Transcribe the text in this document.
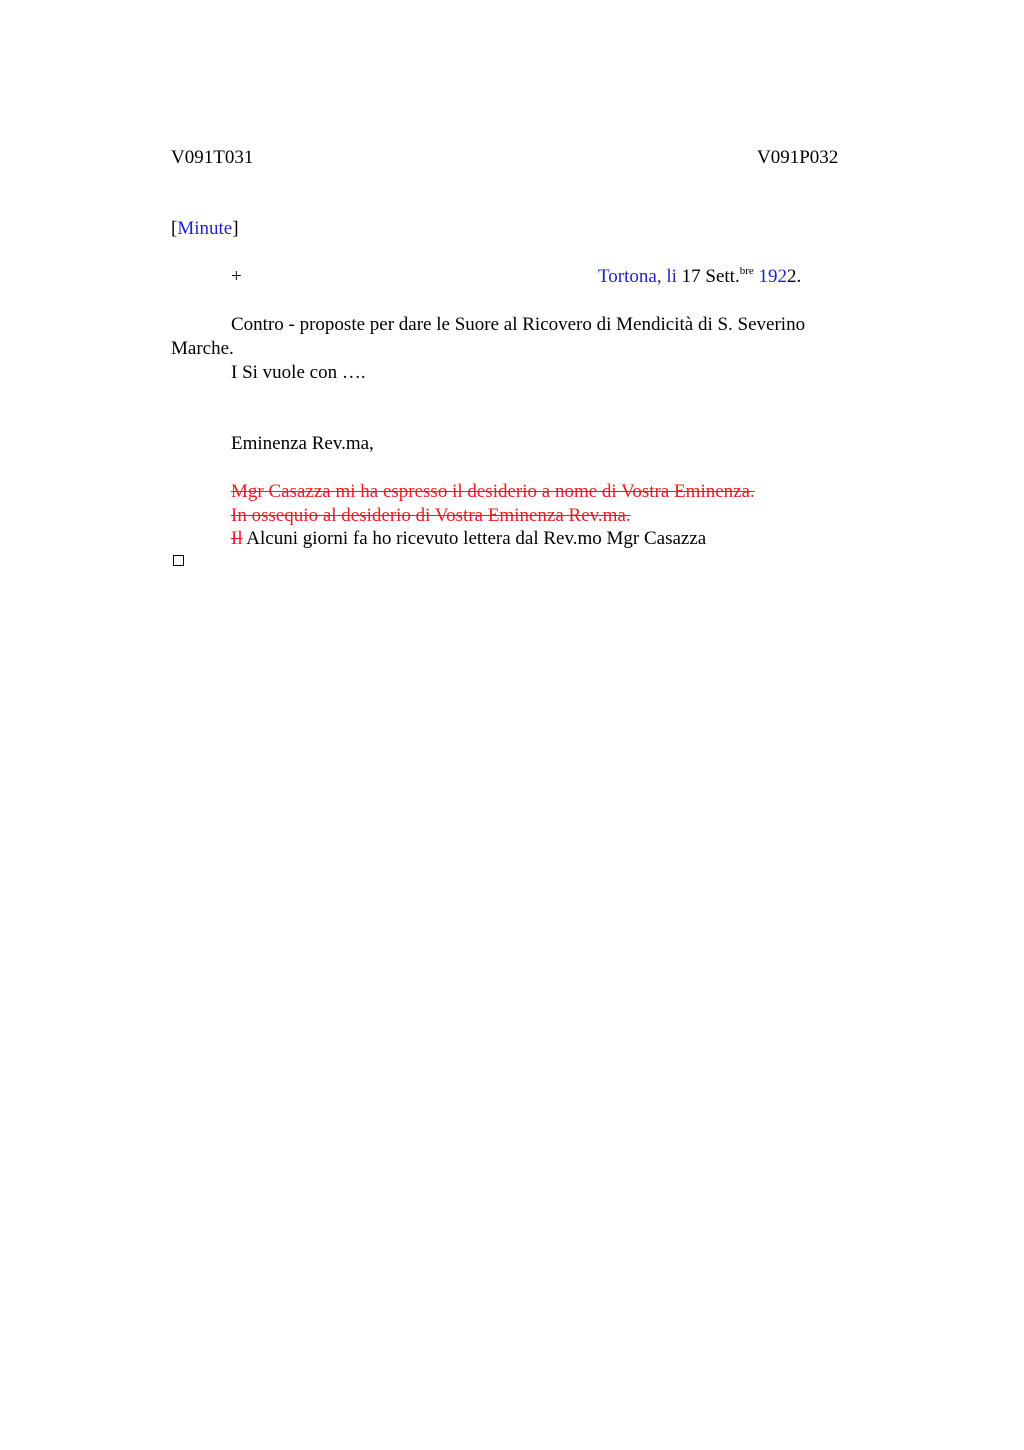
V091T031	V091P032
[Minute]
+	Tortona, li 17 Sett.$^{bre}$ 1922.
Contro - proposte per dare le Suore al Ricovero di Mendicità di S. Severino
Marche.
I Si vuole con ….
Eminenza Rev.ma,
Mgr Casazza mi ha espresso il desiderio a nome di Vostra Eminenza.
In ossequio al desiderio di Vostra Eminenza Rev.ma.
Il Alcuni giorni fa ho ricevuto lettera dal Rev.mo Mgr Casazza
